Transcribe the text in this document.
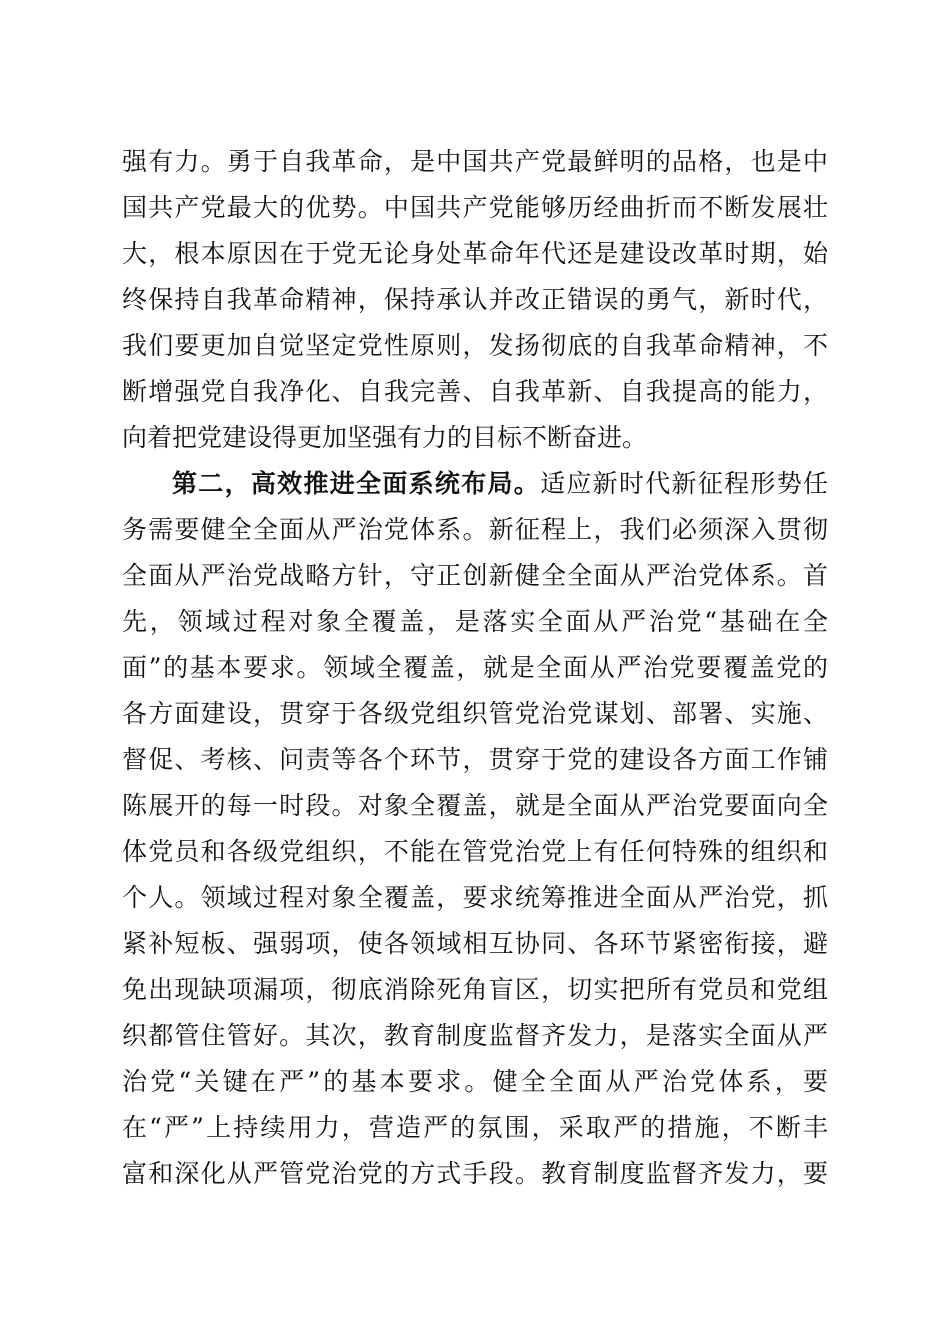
强有力。勇于自我革命，是中国共产党最鲜明的品格，也是中
国共产党最大的优势。中国共产党能够历经曲折而不断发展壮
大，根本原因在于党无论身处革命年代还是建设改革时期，始
终保持自我革命精神，保持承认并改正错误的勇气，新时代，
我们要更加自觉坚定党性原则，发扬彻底的自我革命精神，不
断增强党自我净化、自我完善、自我革新、自我提高的能力，
向着把党建设得更加坚强有力的目标不断奋进。
第二，高效推进全面系统布局。适应新时代新征程形势任
务需要健全全面从严治党体系。新征程上，我们必须深入贯彻
全面从严治党战略方针，守正创新健全全面从严治党体系。首
先，领域过程对象全覆盖，是落实全面从严治党“基础在全
面”的基本要求。领域全覆盖，就是全面从严治党要覆盖党的
各方面建设，贯穿于各级党组织管党治党谋划、部署、实施、
督促、考核、问责等各个环节，贯穿于党的建设各方面工作铺
陈展开的每一时段。对象全覆盖，就是全面从严治党要面向全
体党员和各级党组织，不能在管党治党上有任何特殊的组织和
个人。领域过程对象全覆盖，要求统筹推进全面从严治党，抓
紧补短板、强弱项，使各领域相互协同、各环节紧密衔接，避
免出现缺项漏项，彻底消除死角盲区，切实把所有党员和党组
织都管住管好。其次，教育制度监督齐发力，是落实全面从严
治党“关键在严”的基本要求。健全全面从严治党体系，要
在“严”上持续用力，营造严的氛围，采取严的措施，不断丰
富和深化从严管党治党的方式手段。教育制度监督齐发力，要
